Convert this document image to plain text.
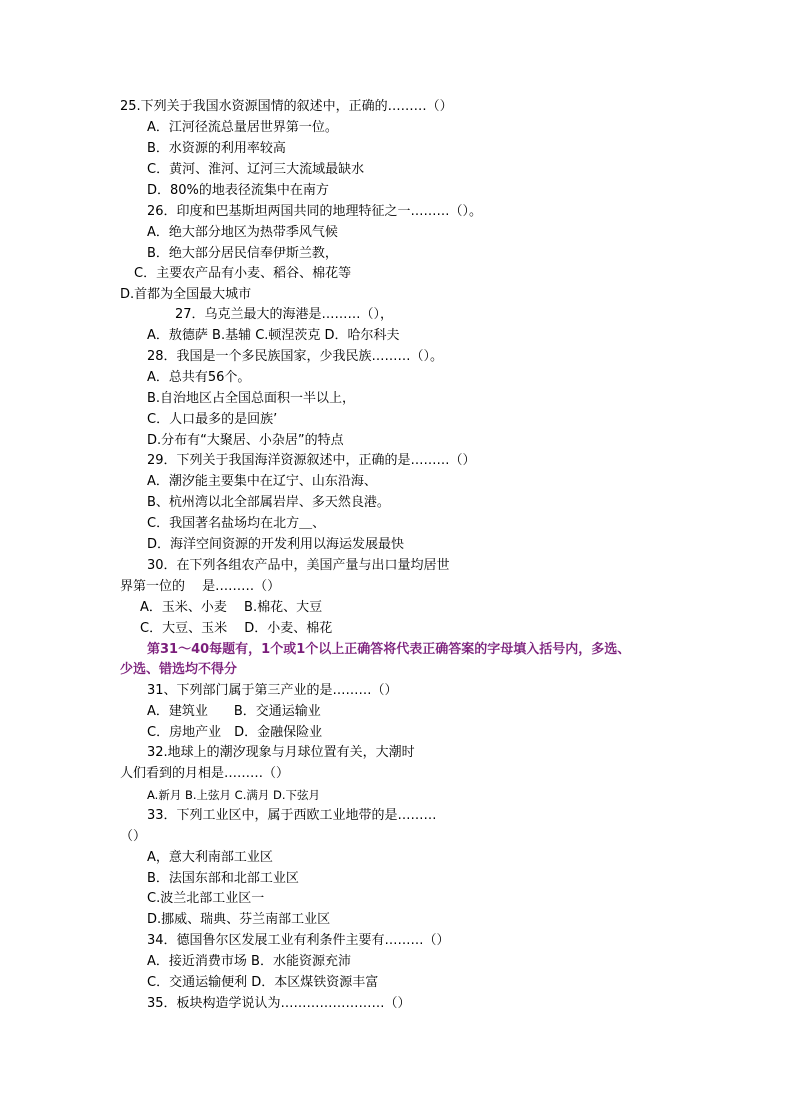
25.下列关于我国水资源国情的叙述中，正确的………（）
A．江河径流总量居世界第一位。
B．水资源的利用率较高
C．黄河、淮河、辽河三大流域最缺水
D．80%的地表径流集中在南方
26．印度和巴基斯坦两国共同的地理特征之一………（）。
A．绝大部分地区为热带季风气候
B．绝大部分居民信奉伊斯兰教，
C．主要农产品有小麦、稻谷、棉花等
D.首都为全国最大城市
27．乌克兰最大的海港是………（），
A．敖德萨 B.基辅 C.顿涅茨克 D．哈尔科夫
28．我国是一个多民族国家，少我民族………（）。
A．总共有56个。
B.自治地区占全国总面积一半以上，
C．人口最多的是回族’
D.分布有“大聚居、小杂居”的特点
29．下列关于我国海洋资源叙述中，正确的是………（）
A．潮汐能主要集中在辽宁、山东沿海、
B、杭州湾以北全部属岩岸、多天然良港。
C．我国著名盐场均在北方＿、
D．海洋空间资源的开发利用以海运发展最快
30．在下列各组农产品中，美国产量与出口量均居世
界第一位的　 是………（）
A．玉米、小麦　 B.棉花、大豆
C．大豆、玉米　 D．小麦、棉花
第31～40每题有，1个或1个以上正确答将代表正确答案的字母填入括号内，多选、
少选、错选均不得分
31、下列部门属于第三产业的是………（）
A．建筑业　　B．交通运输业
C．房地产业　D．金融保险业
32.地球上的潮汐现象与月球位置有关，大潮时
人们看到的月相是………（）
A.新月 B.上弦月 C.满月 D.下弦月
33．下列工业区中，属于西欧工业地带的是………
（）
A，意大利南部工业区
B．法国东部和北部工业区
C.波兰北部工业区一
D.挪威、瑞典、芬兰南部工业区
34．德国鲁尔区发展工业有利条件主要有………（）
A．接近消费市场 B．水能资源充沛
C．交通运输便利 D．本区煤铁资源丰富
35．板块构造学说认为……………………（）
